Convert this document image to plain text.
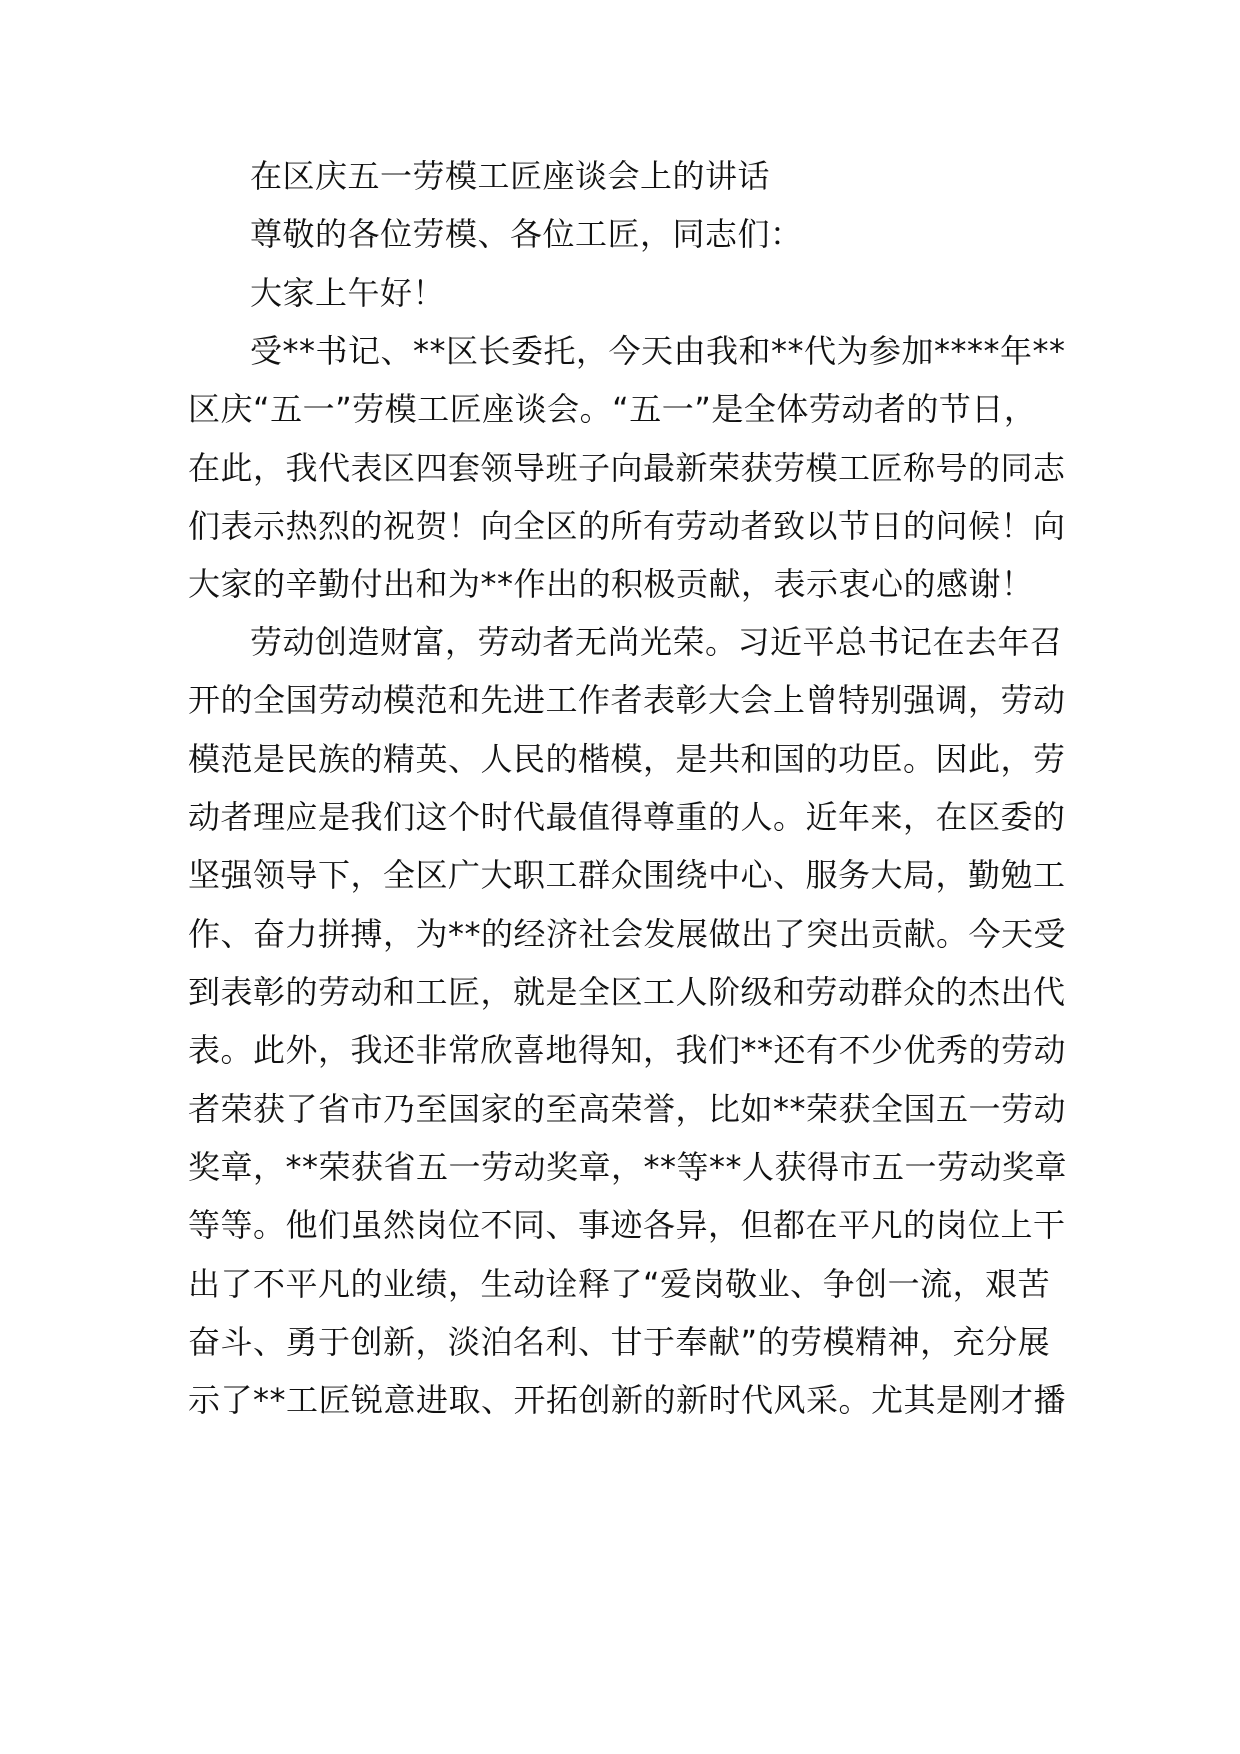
在区庆五一劳模工匠座谈会上的讲话
尊敬的各位劳模、各位工匠，同志们：
大家上午好！
受**书记、**区长委托，今天由我和**代为参加****年**
区庆“五一”劳模工匠座谈会。“五一”是全体劳动者的节日，
在此，我代表区四套领导班子向最新荣获劳模工匠称号的同志
们表示热烈的祝贺！向全区的所有劳动者致以节日的问候！向
大家的辛勤付出和为**作出的积极贡献，表示衷心的感谢！
劳动创造财富，劳动者无尚光荣。习近平总书记在去年召
开的全国劳动模范和先进工作者表彰大会上曾特别强调，劳动
模范是民族的精英、人民的楷模，是共和国的功臣。因此，劳
动者理应是我们这个时代最值得尊重的人。近年来，在区委的
坚强领导下，全区广大职工群众围绕中心、服务大局，勤勉工
作、奋力拼搏，为**的经济社会发展做出了突出贡献。今天受
到表彰的劳动和工匠，就是全区工人阶级和劳动群众的杰出代
表。此外，我还非常欣喜地得知，我们**还有不少优秀的劳动
者荣获了省市乃至国家的至高荣誉，比如**荣获全国五一劳动
奖章，**荣获省五一劳动奖章，**等**人获得市五一劳动奖章
等等。他们虽然岗位不同、事迹各异，但都在平凡的岗位上干
出了不平凡的业绩，生动诠释了“爱岗敬业、争创一流，艰苦
奋斗、勇于创新，淡泊名利、甘于奉献”的劳模精神，充分展
示了**工匠锐意进取、开拓创新的新时代风采。尤其是刚才播
